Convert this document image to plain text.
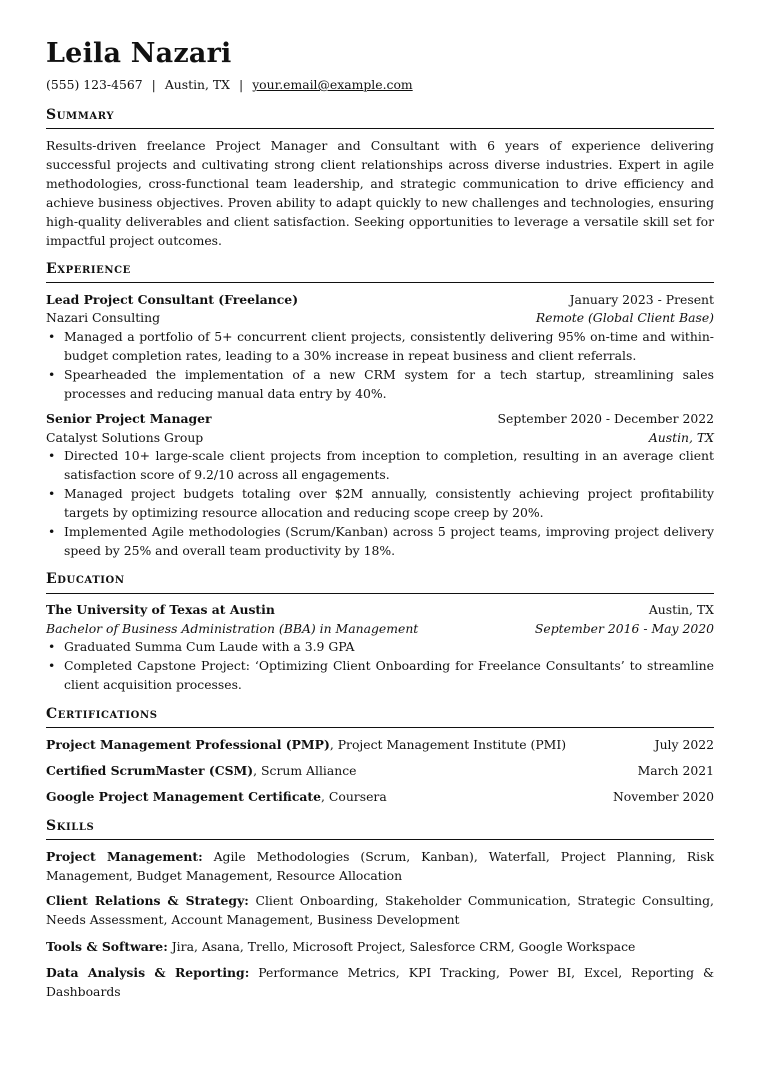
Leila Nazari
(555) 123-4567 | Austin, TX | your.email@example.com
Summary
Results-driven freelance Project Manager and Consultant with 6 years of experience delivering successful projects and cultivating strong client relationships across diverse industries. Expert in agile methodologies, cross-functional team leadership, and strategic communication to drive efficiency and achieve business objectives. Proven ability to adapt quickly to new challenges and technologies, ensuring high-quality deliverables and client satisfaction. Seeking opportunities to leverage a versatile skill set for impactful project outcomes.
Experience
Lead Project Consultant (Freelance)	January 2023 - Present
Nazari Consulting	Remote (Global Client Base)
• Managed a portfolio of 5+ concurrent client projects, consistently delivering 95% on-time and within-budget completion rates, leading to a 30% increase in repeat business and client referrals.
• Spearheaded the implementation of a new CRM system for a tech startup, streamlining sales processes and reducing manual data entry by 40%.
Senior Project Manager	September 2020 - December 2022
Catalyst Solutions Group	Austin, TX
• Directed 10+ large-scale client projects from inception to completion, resulting in an average client satisfaction score of 9.2/10 across all engagements.
• Managed project budgets totaling over $2M annually, consistently achieving project profitability targets by optimizing resource allocation and reducing scope creep by 20%.
• Implemented Agile methodologies (Scrum/Kanban) across 5 project teams, improving project delivery speed by 25% and overall team productivity by 18%.
Education
The University of Texas at Austin	Austin, TX
Bachelor of Business Administration (BBA) in Management	September 2016 - May 2020
• Graduated Summa Cum Laude with a 3.9 GPA
• Completed Capstone Project: ‘Optimizing Client Onboarding for Freelance Consultants’ to streamline client acquisition processes.
Certifications
Project Management Professional (PMP), Project Management Institute (PMI)	July 2022
Certified ScrumMaster (CSM), Scrum Alliance	March 2021
Google Project Management Certificate, Coursera	November 2020
Skills
Project Management: Agile Methodologies (Scrum, Kanban), Waterfall, Project Planning, Risk Management, Budget Management, Resource Allocation
Client Relations & Strategy: Client Onboarding, Stakeholder Communication, Strategic Consulting, Needs Assessment, Account Management, Business Development
Tools & Software: Jira, Asana, Trello, Microsoft Project, Salesforce CRM, Google Workspace
Data Analysis & Reporting: Performance Metrics, KPI Tracking, Power BI, Excel, Reporting & Dashboards
